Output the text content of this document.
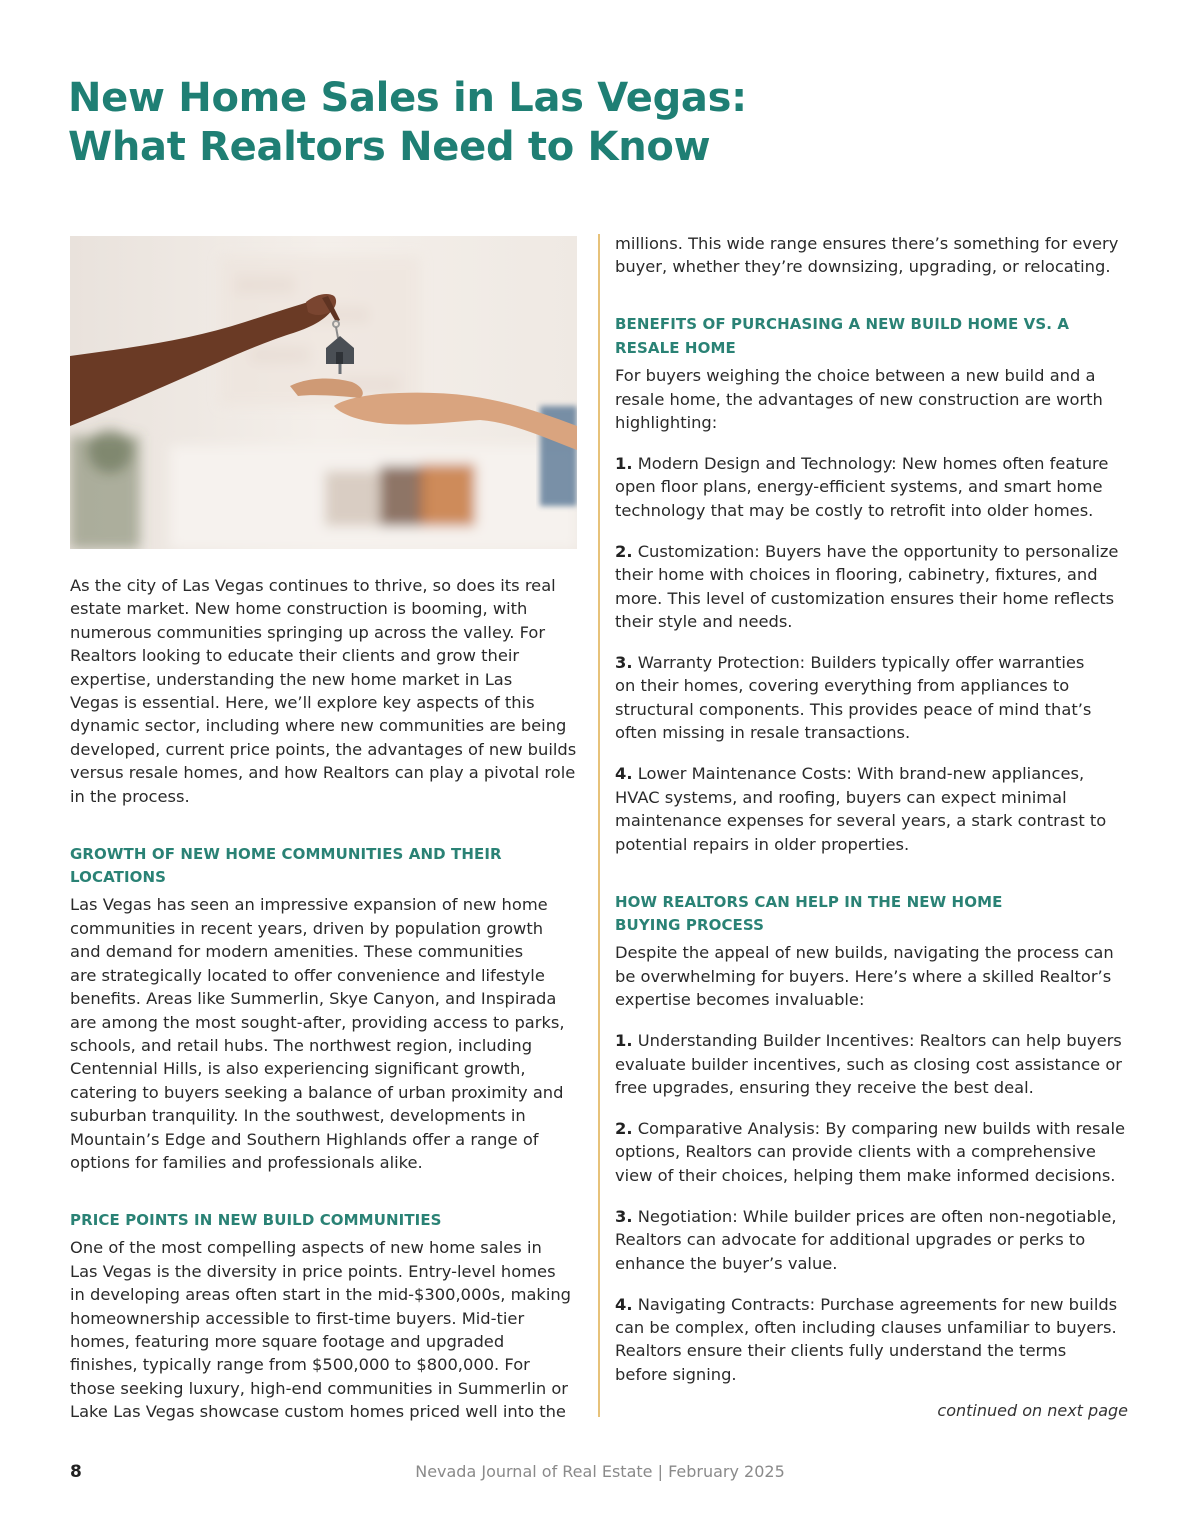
New Home Sales in Las Vegas:
What Realtors Need to Know

As the city of Las Vegas continues to thrive, so does its real
estate market. New home construction is booming, with
numerous communities springing up across the valley. For
Realtors looking to educate their clients and grow their
expertise, understanding the new home market in Las
Vegas is essential. Here, we’ll explore key aspects of this
dynamic sector, including where new communities are being
developed, current price points, the advantages of new builds
versus resale homes, and how Realtors can play a pivotal role
in the process.

GROWTH OF NEW HOME COMMUNITIES AND THEIR
LOCATIONS

Las Vegas has seen an impressive expansion of new home
communities in recent years, driven by population growth
and demand for modern amenities. These communities
are strategically located to offer convenience and lifestyle
benefits. Areas like Summerlin, Skye Canyon, and Inspirada
are among the most sought-after, providing access to parks,
schools, and retail hubs. The northwest region, including
Centennial Hills, is also experiencing significant growth,
catering to buyers seeking a balance of urban proximity and
suburban tranquility. In the southwest, developments in
Mountain’s Edge and Southern Highlands offer a range of
options for families and professionals alike.

PRICE POINTS IN NEW BUILD COMMUNITIES

One of the most compelling aspects of new home sales in
Las Vegas is the diversity in price points. Entry-level homes
in developing areas often start in the mid-$300,000s, making
homeownership accessible to first-time buyers. Mid-tier
homes, featuring more square footage and upgraded
finishes, typically range from $500,000 to $800,000. For
those seeking luxury, high-end communities in Summerlin or
Lake Las Vegas showcase custom homes priced well into the

millions. This wide range ensures there’s something for every
buyer, whether they’re downsizing, upgrading, or relocating.

BENEFITS OF PURCHASING A NEW BUILD HOME VS. A
RESALE HOME

For buyers weighing the choice between a new build and a
resale home, the advantages of new construction are worth
highlighting:

1. Modern Design and Technology: New homes often feature
open floor plans, energy-efficient systems, and smart home
technology that may be costly to retrofit into older homes.

2. Customization: Buyers have the opportunity to personalize
their home with choices in flooring, cabinetry, fixtures, and
more. This level of customization ensures their home reflects
their style and needs.

3. Warranty Protection: Builders typically offer warranties
on their homes, covering everything from appliances to
structural components. This provides peace of mind that’s
often missing in resale transactions.

4. Lower Maintenance Costs: With brand-new appliances,
HVAC systems, and roofing, buyers can expect minimal
maintenance expenses for several years, a stark contrast to
potential repairs in older properties.

HOW REALTORS CAN HELP IN THE NEW HOME
BUYING PROCESS

Despite the appeal of new builds, navigating the process can
be overwhelming for buyers. Here’s where a skilled Realtor’s
expertise becomes invaluable:

1. Understanding Builder Incentives: Realtors can help buyers
evaluate builder incentives, such as closing cost assistance or
free upgrades, ensuring they receive the best deal.

2. Comparative Analysis: By comparing new builds with resale
options, Realtors can provide clients with a comprehensive
view of their choices, helping them make informed decisions.

3. Negotiation: While builder prices are often non-negotiable,
Realtors can advocate for additional upgrades or perks to
enhance the buyer’s value.

4. Navigating Contracts: Purchase agreements for new builds
can be complex, often including clauses unfamiliar to buyers.
Realtors ensure their clients fully understand the terms
before signing.

continued on next page
8	Nevada Journal of Real Estate | February 2025
